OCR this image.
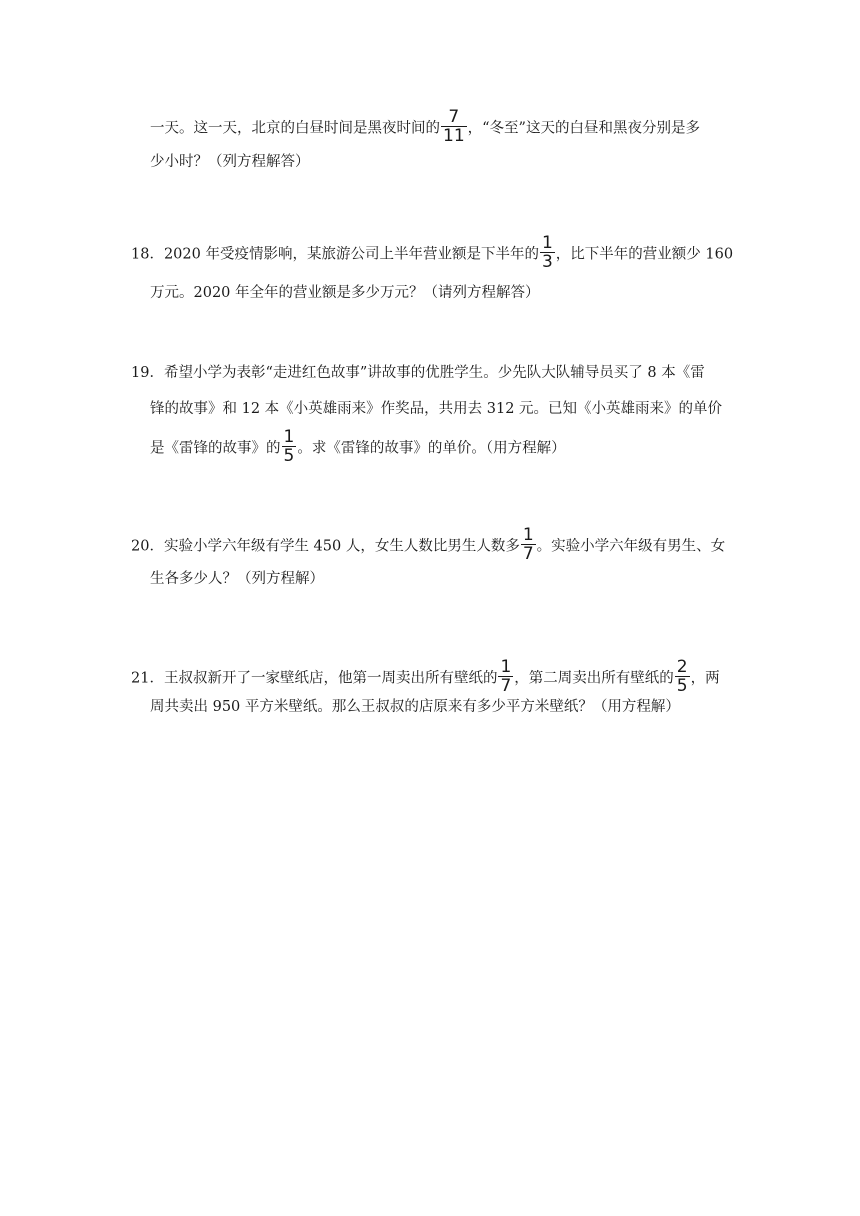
一天。这一天，北京的白昼时间是黑夜时间的 $\frac{7}{11}$ ，“冬至”这天的白昼和黑夜分别是多
少小时？（列方程解答）
18．2020 年受疫情影响，某旅游公司上半年营业额是下半年的 $\frac{1}{3}$ ，比下半年的营业额少 160
万元。2020 年全年的营业额是多少万元？（请列方程解答）
19．希望小学为表彰“走进红色故事”讲故事的优胜学生。少先队大队辅导员买了 8 本《雷
锋的故事》和 12 本《小英雄雨来》作奖品，共用去 312 元。已知《小英雄雨来》的单价
是《雷锋的故事》的 $\frac{1}{5}$ 。求《雷锋的故事》的单价。（用方程解）
20．实验小学六年级有学生 450 人，女生人数比男生人数多 $\frac{1}{7}$ 。实验小学六年级有男生、女
生各多少人？（列方程解）
21．王叔叔新开了一家壁纸店，他第一周卖出所有壁纸的 $\frac{1}{7}$ ，第二周卖出所有壁纸的 $\frac{2}{5}$ ，两
周共卖出 950 平方米壁纸。那么王叔叔的店原来有多少平方米壁纸？（用方程解）
